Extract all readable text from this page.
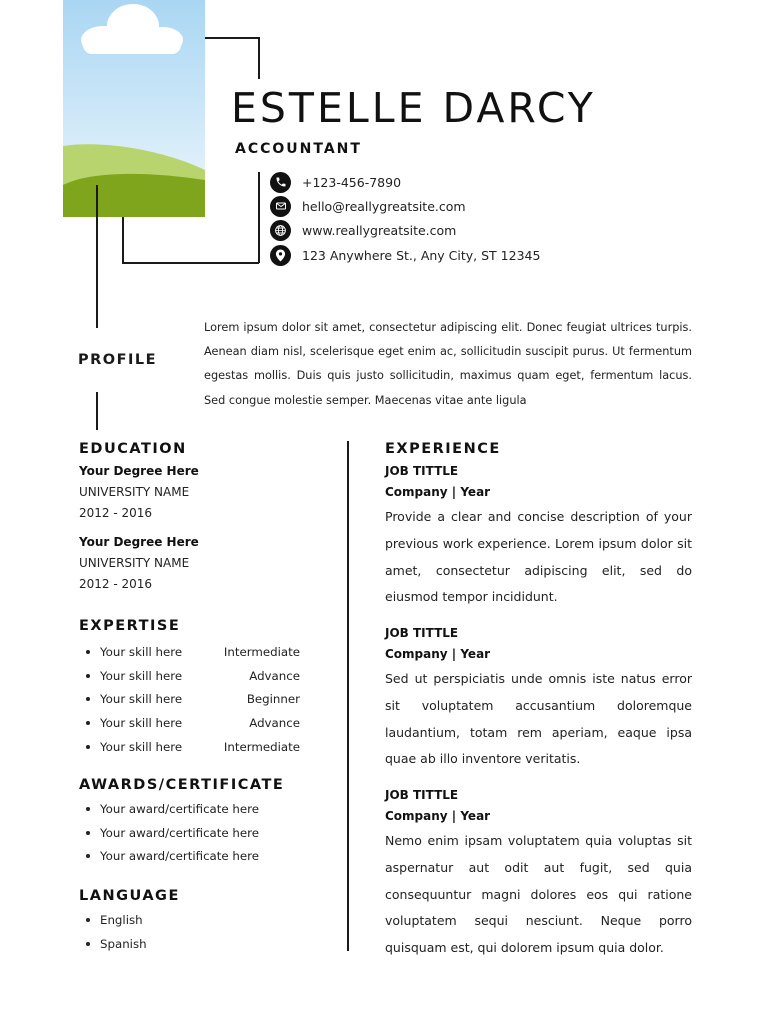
ESTELLE DARCY
ACCOUNTANT
+123-456-7890
hello@reallygreatsite.com
www.reallygreatsite.com
123 Anywhere St., Any City, ST 12345
PROFILE
Lorem ipsum dolor sit amet, consectetur adipiscing elit. Donec feugiat ultrices turpis. Aenean diam nisl, scelerisque eget enim ac, sollicitudin suscipit purus. Ut fermentum egestas mollis. Duis quis justo sollicitudin, maximus quam eget, fermentum lacus. Sed congue molestie semper. Maecenas vitae ante ligula
EDUCATION
Your Degree Here
UNIVERSITY NAME
2012 - 2016
Your Degree Here
UNIVERSITY NAME
2012 - 2016
EXPERTISE
Your skill here	Intermediate
Your skill here	Advance
Your skill here	Beginner
Your skill here	Advance
Your skill here	Intermediate
AWARDS/CERTIFICATE
Your award/certificate here
Your award/certificate here
Your award/certificate here
LANGUAGE
English
Spanish
EXPERIENCE
JOB TITTLE
Company | Year
Provide a clear and concise description of your previous work experience. Lorem ipsum dolor sit amet, consectetur adipiscing elit, sed do eiusmod tempor incididunt.
JOB TITTLE
Company | Year
Sed ut perspiciatis unde omnis iste natus error sit voluptatem accusantium doloremque laudantium, totam rem aperiam, eaque ipsa quae ab illo inventore veritatis.
JOB TITTLE
Company | Year
Nemo enim ipsam voluptatem quia voluptas sit aspernatur aut odit aut fugit, sed quia consequuntur magni dolores eos qui ratione voluptatem sequi nesciunt. Neque porro quisquam est, qui dolorem ipsum quia dolor.
